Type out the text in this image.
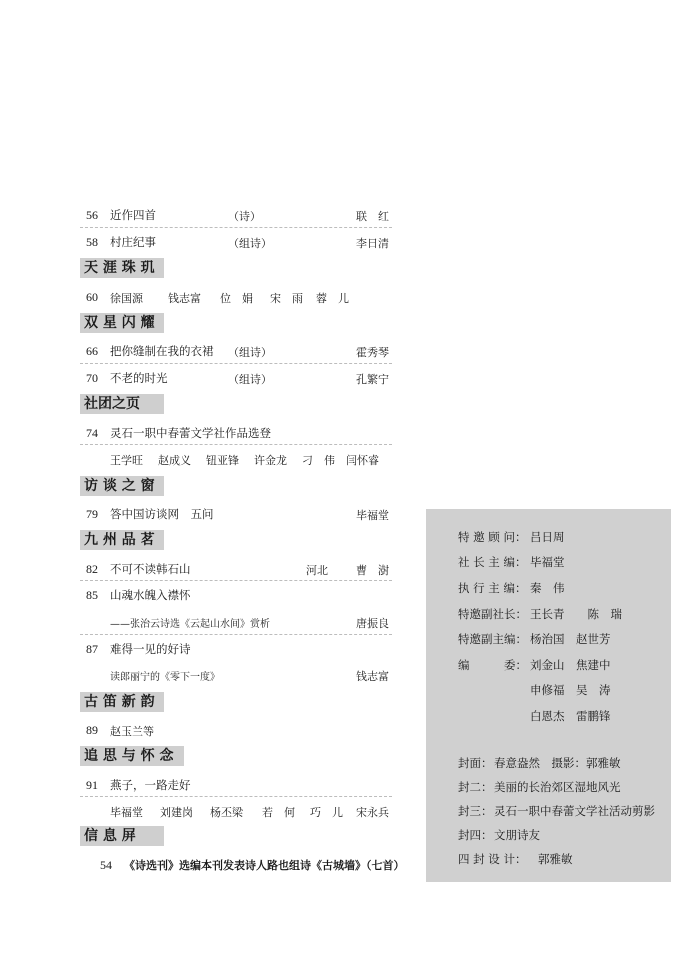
56 近作四首	（诗）	联　红
58 村庄纪事	（组诗）	李日清
天 涯 珠 玑
60 徐国源 钱志富 位　娟 宋　雨 蓉　儿
双 星 闪 耀
66 把你缝制在我的衣裙 （组诗）	霍秀琴
70 不老的时光	（组诗）	孔繁宁
社团之页
74 灵石一职中春蕾文学社作品选登
王学旺 赵成义 钮亚锋 许金龙 刁　伟 闫怀睿
访 谈 之 窗
79 答中国访谈网　五问	毕福堂
九 州 品 茗
82 不可不读韩石山	河北	曹　澍
85 山魂水魄入襟怀
——张治云诗选《云起山水间》赏析	唐振良
87 难得一见的好诗
读郎丽宁的《零下一度》	钱志富
古 笛 新 韵
89 赵玉兰等
追 思 与 怀 念
91 燕子，一路走好
毕福堂 刘建岗 杨丕梁 若　何 巧　儿 宋永兵
信 息 屏
54 《诗选刊》选编本刊发表诗人路也组诗《古城墙》（七首）
特 邀 顾 问： 吕日周
社 长 主 编： 毕福堂
执 行 主 编： 秦　伟
特邀副社长： 王长青　　陈　瑞
特邀副主编： 杨治国　赵世芳
编　　　委： 刘金山　焦建中
申修福　吴　涛
白恩杰　雷鹏锋
封面： 春意盎然　摄影：郭雅敏
封二： 美丽的长治郊区湿地风光
封三： 灵石一职中春蕾文学社活动剪影
封四： 文朋诗友
四 封 设 计： 郭雅敏
